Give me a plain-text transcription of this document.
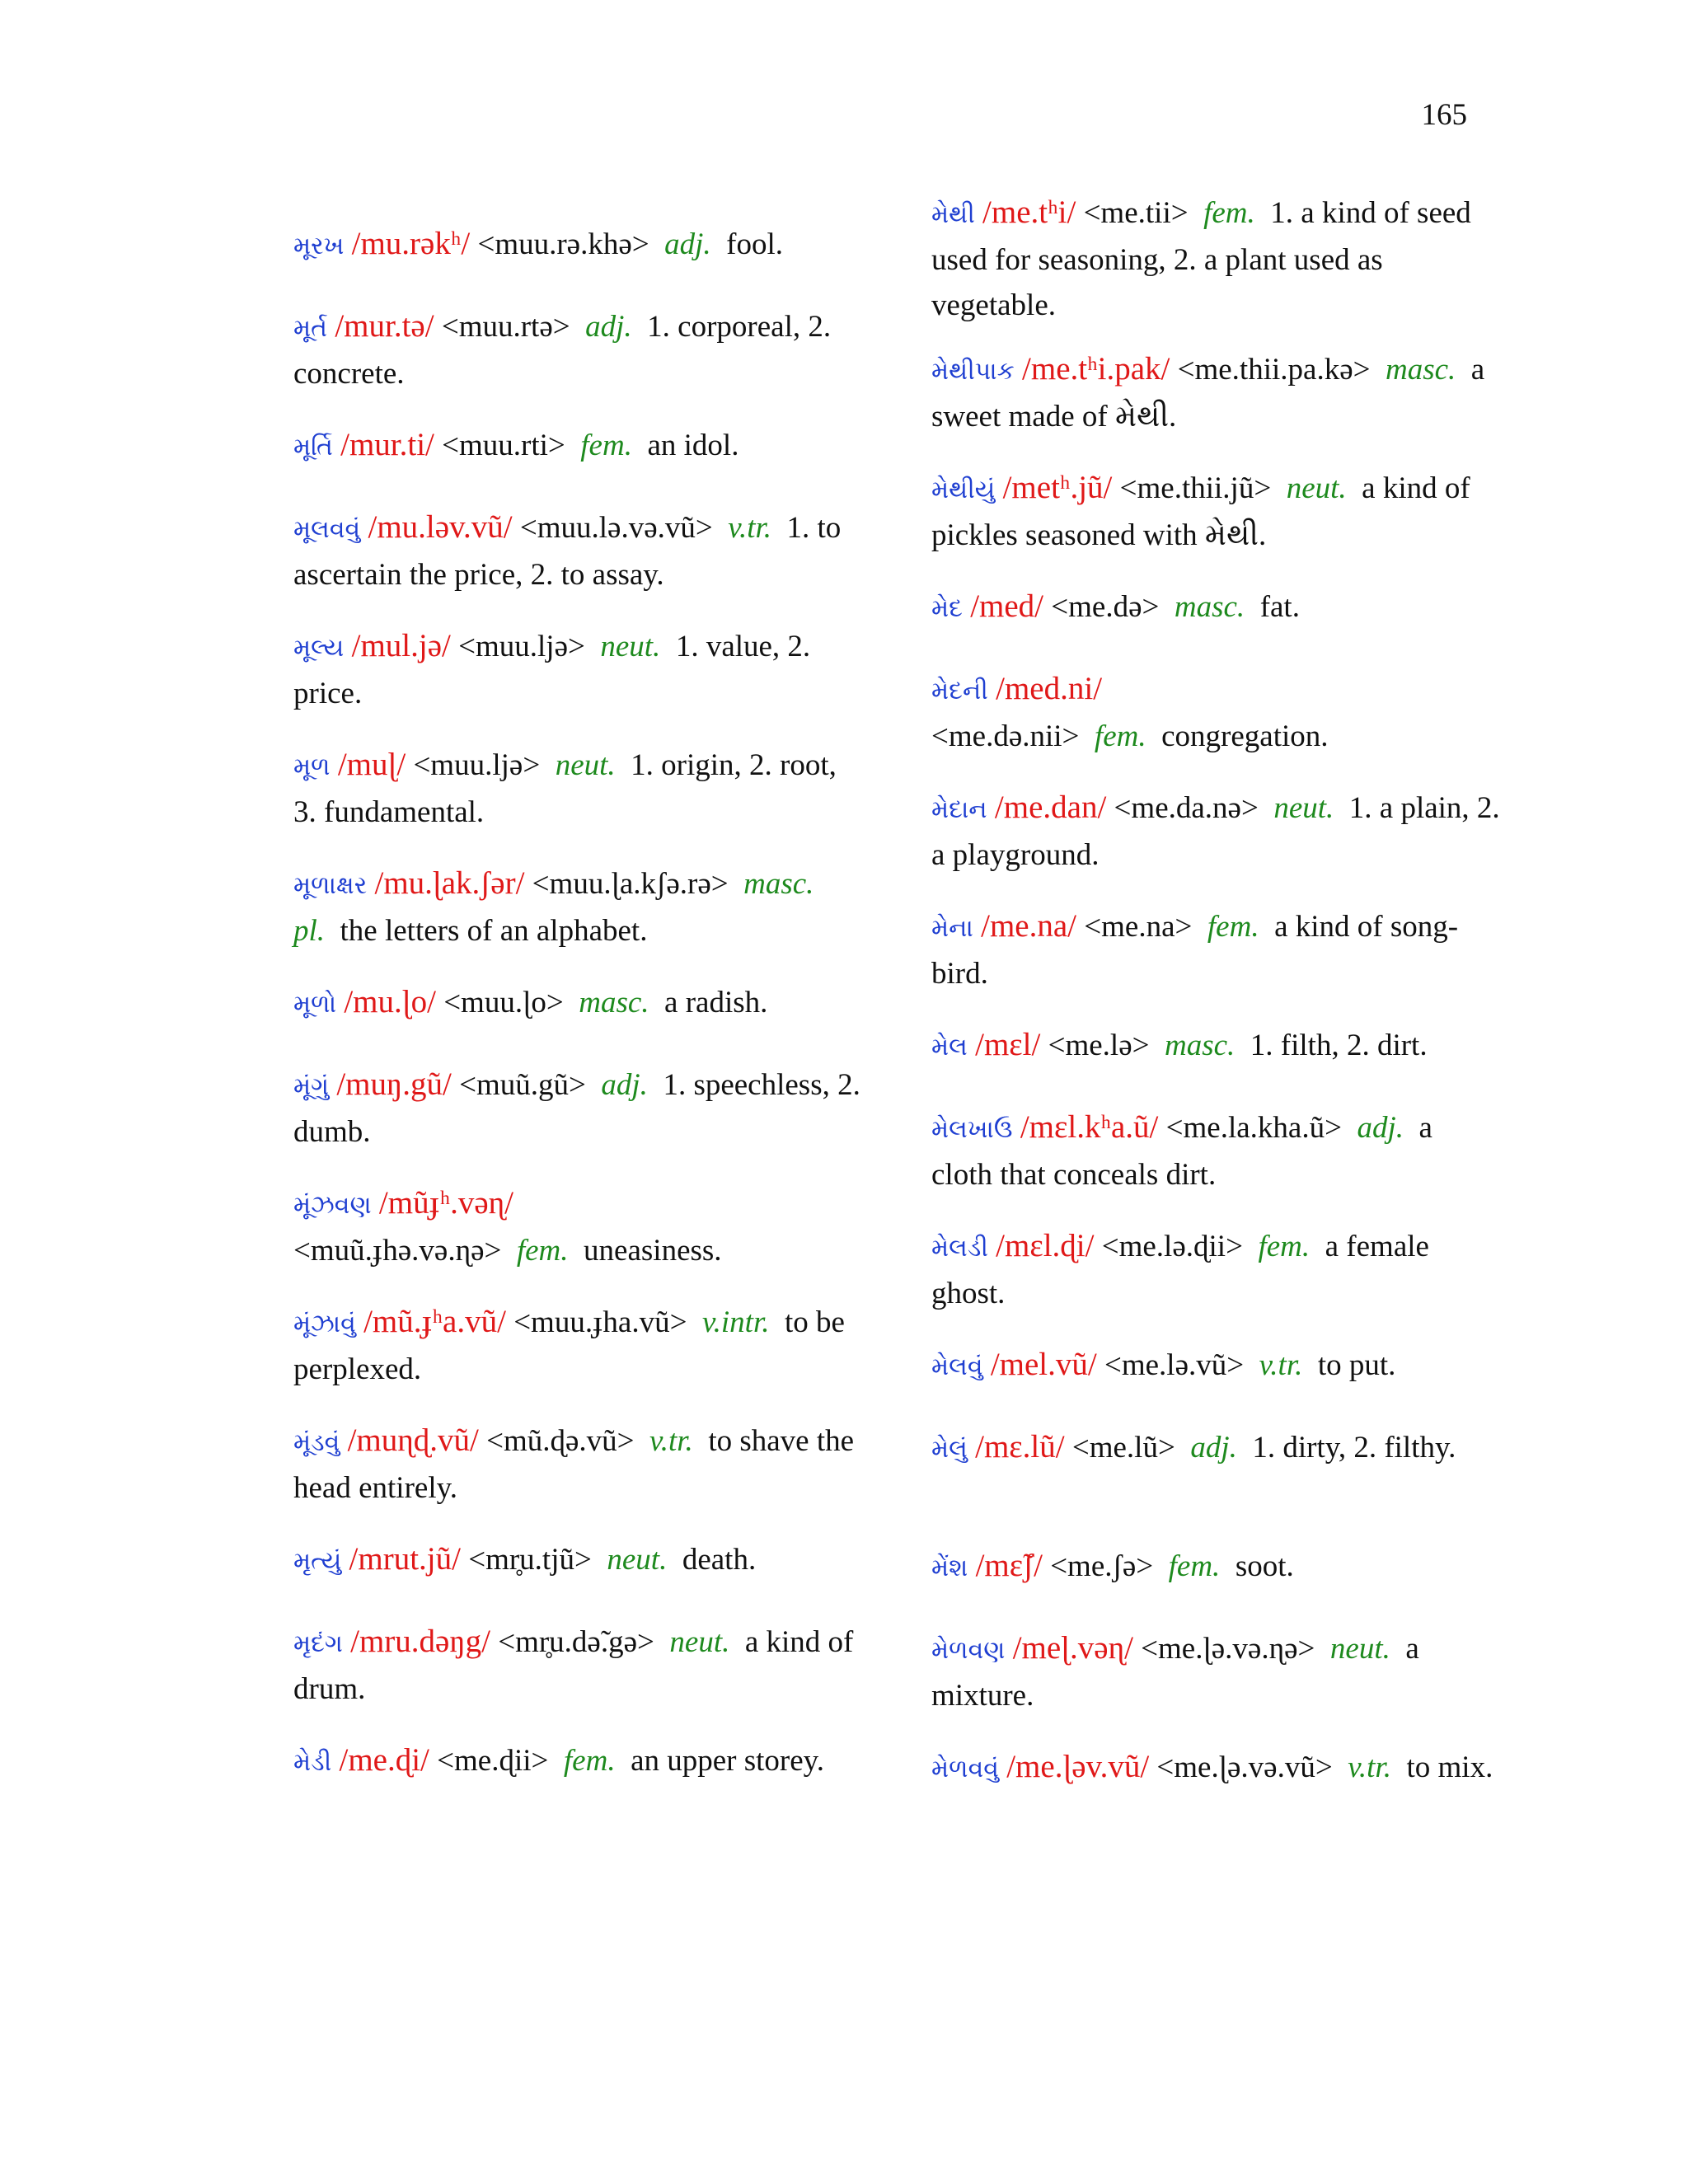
165
મૂરખ /mu.rəkʰ/ <muu.rə.khə> adj. fool.
મૂર્ત /mur.tə/ <muu.rtə> adj. 1. corporeal, 2. concrete.
મૂર્તિ /mur.ti/ <muu.rti> fem. an idol.
મૂલવવું /mu.ləv.vũ/ <muu.lə.və.vũ> v.tr. 1. to ascertain the price, 2. to assay.
મૂલ્ય /mul.jə/ <muu.ljə> neut. 1. value, 2. price.
મૂળ /muɭ/ <muu.ljə> neut. 1. origin, 2. root, 3. fundamental.
મૂળાક્ષર /mu.ɭak.ʃər/ <muu.ɭa.kʃə.rə> masc. pl. the letters of an alphabet.
મૂળો /mu.ɭo/ <muu.ɭo> masc. a radish.
મૂંગું /muŋ.gũ/ <muũ.gũ> adj. 1. speechless, 2. dumb.
મૂંઝવણ /mũɟʰ.vəɳ/ <muũ.ɟhə.və.ɳə> fem. uneasiness.
મૂંઝાવું /mũ.ɟʰa.vũ/ <muu.ɟha.vũ> v.intr. to be perplexed.
મૂંડવું /muɳɖ.vũ/ <mũ.ɖə.vũ> v.tr. to shave the head entirely.
મૃત્યું /mrut.jũ/ <mr̥u.tjũ> neut. death.
મૃદંગ /mru.dəŋg/ <mr̥u.də̃.gə> neut. a kind of drum.
મેડી /me.ɖi/ <me.ɖii> fem. an upper storey.
મેથી /me.tʰi/ <me.tii> fem. 1. a kind of seed used for seasoning, 2. a plant used as vegetable.
મેથીપાક /me.tʰi.pak/ <me.thii.pa.kə> masc. a sweet made of મેથી.
મેથીયું /metʰ.jũ/ <me.thii.jũ> neut. a kind of pickles seasoned with મેથી.
મેદ /med/ <me.də> masc. fat.
મેદની /med.ni/ <me.də.nii> fem. congregation.
મેદાન /me.dan/ <me.da.nə> neut. 1. a plain, 2. a playground.
મેના /me.na/ <me.na> fem. a kind of song-bird.
મેલ /mɛl/ <me.lə> masc. 1. filth, 2. dirt.
મેલખાઉ /mɛl.kʰa.ũ/ <me.la.kha.ũ> adj. a cloth that conceals dirt.
મેલડી /mɛl.ɖi/ <me.lə.ɖii> fem. a female ghost.
મેલવું /mel.vũ/ <me.lə.vũ> v.tr. to put.
મેલું /mɛ.lũ/ <me.lũ> adj. 1. dirty, 2. filthy.
મેંશ /mɛ̃ʃ/ <me.ʃə> fem. soot.
મેળવણ /meɭ.vəɳ/ <me.ɭə.və.ɳə> neut. a mixture.
મેળવવું /me.ɭəv.vũ/ <me.ɭə.və.vũ> v.tr. to mix.
